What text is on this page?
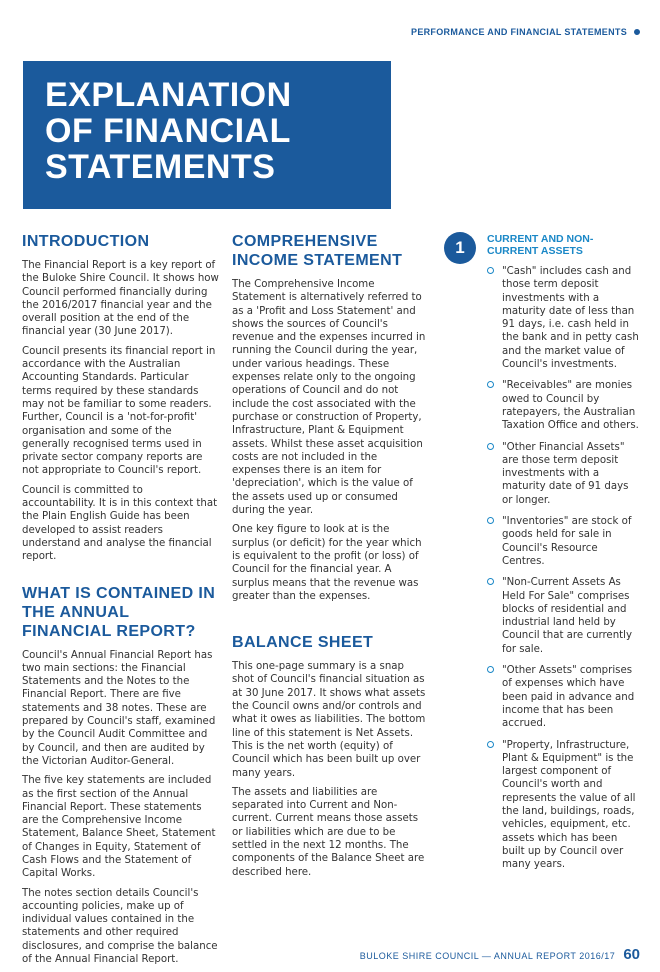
PERFORMANCE AND FINANCIAL STATEMENTS
EXPLANATION
OF FINANCIAL
STATEMENTS
INTRODUCTION

The Financial Report is a key report of the Buloke Shire Council. It shows how Council performed financially during the 2016/2017 financial year and the overall position at the end of the financial year (30 June 2017).

Council presents its financial report in accordance with the Australian Accounting Standards. Particular terms required by these standards may not be familiar to some readers. Further, Council is a 'not-for-profit' organisation and some of the generally recognised terms used in private sector company reports are not appropriate to Council's report.

Council is committed to accountability. It is in this context that the Plain English Guide has been developed to assist readers understand and analyse the financial report.

WHAT IS CONTAINED IN THE ANNUAL FINANCIAL REPORT?

Council's Annual Financial Report has two main sections: the Financial Statements and the Notes to the Financial Report. There are five statements and 38 notes. These are prepared by Council's staff, examined by the Council Audit Committee and by Council, and then are audited by the Victorian Auditor-General.

The five key statements are included as the first section of the Annual Financial Report. These statements are the Comprehensive Income Statement, Balance Sheet, Statement of Changes in Equity, Statement of Cash Flows and the Statement of Capital Works.

The notes section details Council's accounting policies, make up of individual values contained in the statements and other required disclosures, and comprise the balance of the Annual Financial Report.

COMPREHENSIVE INCOME STATEMENT

The Comprehensive Income Statement is alternatively referred to as a 'Profit and Loss Statement' and shows the sources of Council's revenue and the expenses incurred in running the Council during the year, under various headings. These expenses relate only to the ongoing operations of Council and do not include the cost associated with the purchase or construction of Property, Infrastructure, Plant & Equipment assets. Whilst these asset acquisition costs are not included in the expenses there is an item for 'depreciation', which is the value of the assets used up or consumed during the year.

One key figure to look at is the surplus (or deficit) for the year which is equivalent to the profit (or loss) of Council for the financial year. A surplus means that the revenue was greater than the expenses.

BALANCE SHEET

This one-page summary is a snap shot of Council's financial situation as at 30 June 2017. It shows what assets the Council owns and/or controls and what it owes as liabilities. The bottom line of this statement is Net Assets. This is the net worth (equity) of Council which has been built up over many years.

The assets and liabilities are separated into Current and Non-current. Current means those assets or liabilities which are due to be settled in the next 12 months. The components of the Balance Sheet are described here.

1	CURRENT AND NON-CURRENT ASSETS

"Cash" includes cash and those term deposit investments with a maturity date of less than 91 days, i.e. cash held in the bank and in petty cash and the market value of Council's investments.

"Receivables" are monies owed to Council by ratepayers, the Australian Taxation Office and others.

"Other Financial Assets" are those term deposit investments with a maturity date of 91 days or longer.

"Inventories" are stock of goods held for sale in Council's Resource Centres.

"Non-Current Assets As Held For Sale" comprises blocks of residential and industrial land held by Council that are currently for sale.

"Other Assets" comprises of expenses which have been paid in advance and income that has been accrued.

"Property, Infrastructure, Plant & Equipment" is the largest component of Council's worth and represents the value of all the land, buildings, roads, vehicles, equipment, etc. assets which has been built up by Council over many years.

BULOKE SHIRE COUNCIL — ANNUAL REPORT 2016/17 60
